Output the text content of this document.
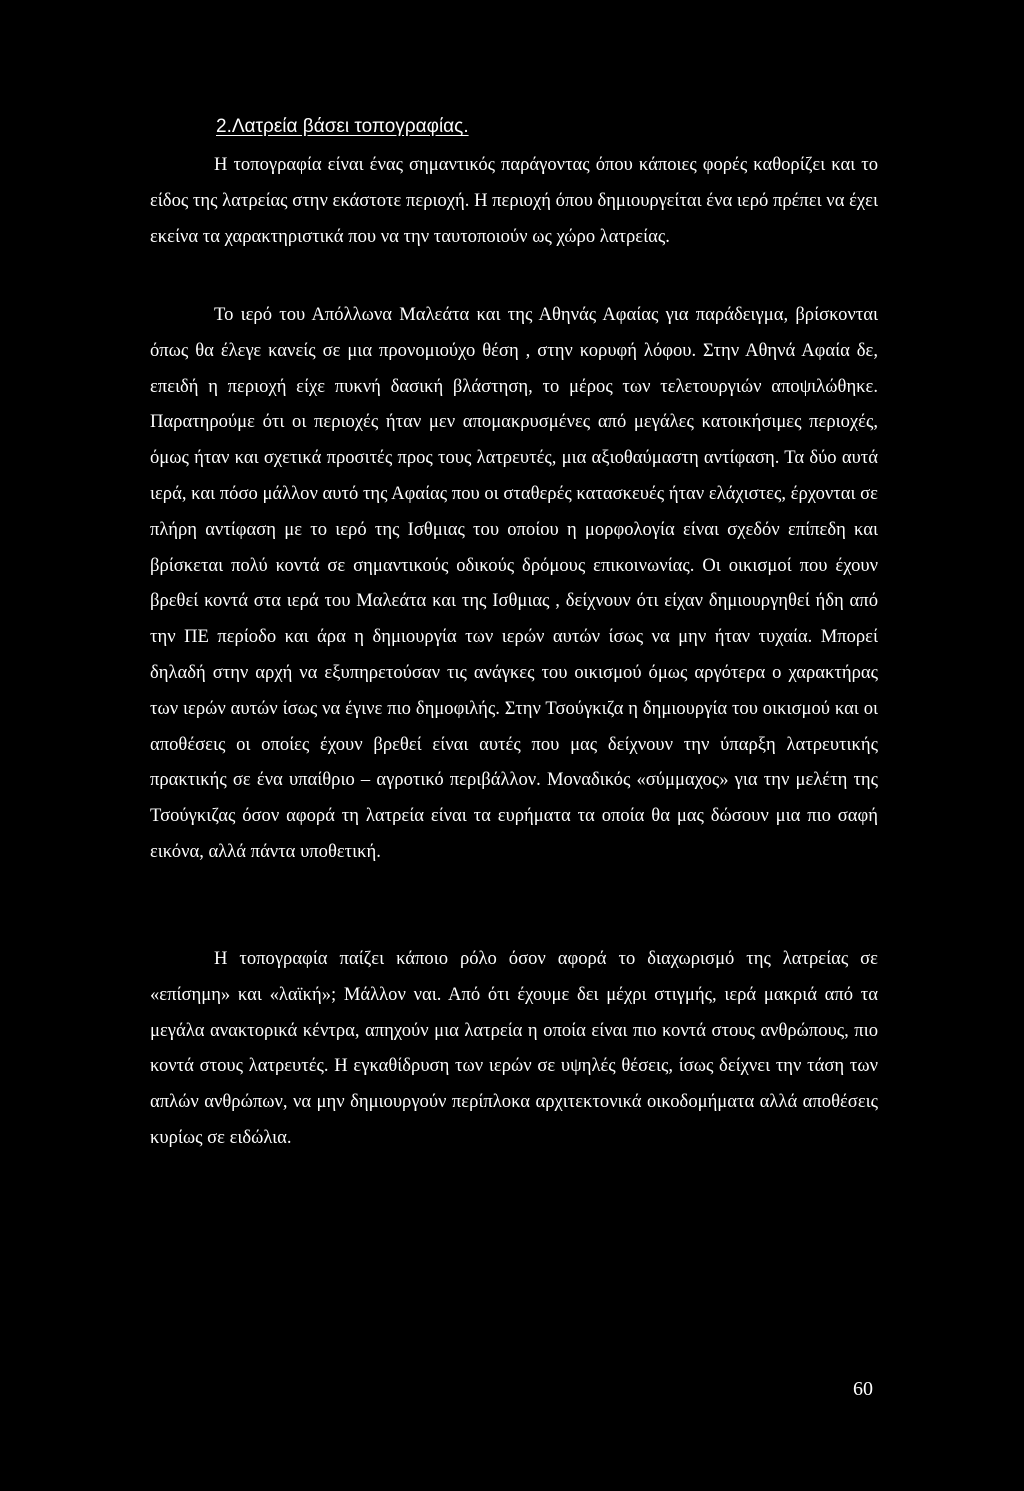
2.Λατρεία βάσει τοπογραφίας.

Η τοπογραφία είναι ένας σημαντικός παράγοντας όπου κάποιες φορές καθορίζει και το είδος της λατρείας στην εκάστοτε περιοχή. Η περιοχή όπου δημιουργείται ένα ιερό πρέπει να έχει εκείνα τα χαρακτηριστικά που να την ταυτοποιούν ως χώρο λατρείας.

Το ιερό του Απόλλωνα Μαλεάτα και της Αθηνάς Αφαίας για παράδειγμα, βρίσκονται όπως θα έλεγε κανείς σε μια προνομιούχο θέση , στην κορυφή λόφου. Στην Αθηνά Αφαία δε, επειδή η περιοχή είχε πυκνή δασική βλάστηση, το μέρος των τελετουργιών αποψιλώθηκε. Παρατηρούμε ότι οι περιοχές ήταν μεν απομακρυσμένες από μεγάλες κατοικήσιμες περιοχές, όμως ήταν και σχετικά προσιτές προς τους λατρευτές, μια αξιοθαύμαστη αντίφαση. Τα δύο αυτά ιερά, και πόσο μάλλον αυτό της Αφαίας που οι σταθερές κατασκευές ήταν ελάχιστες, έρχονται σε πλήρη αντίφαση με το ιερό της Ισθμιας του οποίου η μορφολογία είναι σχεδόν επίπεδη και βρίσκεται πολύ κοντά σε σημαντικούς οδικούς δρόμους επικοινωνίας. Οι οικισμοί που έχουν βρεθεί κοντά στα ιερά του Μαλεάτα και της Ισθμιας , δείχνουν ότι είχαν δημιουργηθεί ήδη από την ΠΕ περίοδο και άρα η δημιουργία των ιερών αυτών ίσως να μην ήταν τυχαία. Μπορεί δηλαδή στην αρχή να εξυπηρετούσαν τις ανάγκες του οικισμού όμως αργότερα ο χαρακτήρας των ιερών αυτών ίσως να έγινε πιο δημοφιλής. Στην Τσούγκιζα η δημιουργία του οικισμού και οι αποθέσεις οι οποίες έχουν βρεθεί είναι αυτές που μας δείχνουν την ύπαρξη λατρευτικής πρακτικής σε ένα υπαίθριο – αγροτικό περιβάλλον. Μοναδικός «σύμμαχος» για την μελέτη της Τσούγκιζας όσον αφορά τη λατρεία είναι τα ευρήματα τα οποία θα μας δώσουν μια πιο σαφή εικόνα, αλλά πάντα υποθετική.

Η τοπογραφία παίζει κάποιο ρόλο όσον αφορά το διαχωρισμό της λατρείας σε «επίσημη» και «λαϊκή»; Μάλλον ναι. Από ότι έχουμε δει μέχρι στιγμής, ιερά μακριά από τα μεγάλα ανακτορικά κέντρα, απηχούν μια λατρεία η οποία είναι πιο κοντά στους ανθρώπους, πιο κοντά στους λατρευτές. Η εγκαθίδρυση των ιερών σε υψηλές θέσεις, ίσως δείχνει την τάση των απλών ανθρώπων, να μην δημιουργούν περίπλοκα αρχιτεκτονικά οικοδομήματα αλλά αποθέσεις κυρίως σε ειδώλια.

60
